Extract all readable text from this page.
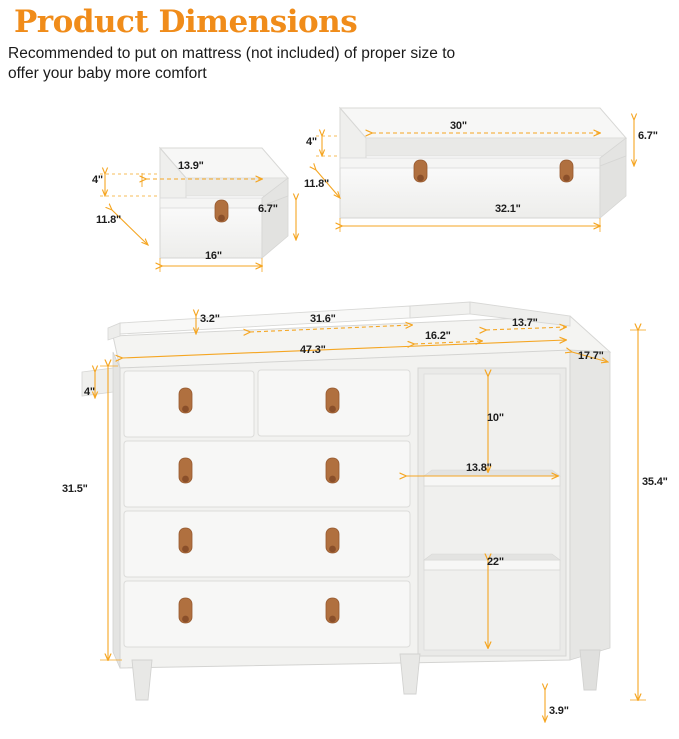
Product Dimensions
Recommended to put on mattress (not included) of proper size to offer your baby more comfort
13.9"
4"
11.8"
6.7"
16"
30"
4"
11.8"
6.7"
32.1"
3.2"	31.6"
16.2"
13.7"
47.3"	17.7"
4"
31.5"
35.4"
10"
13.8"
22"
3.9"
